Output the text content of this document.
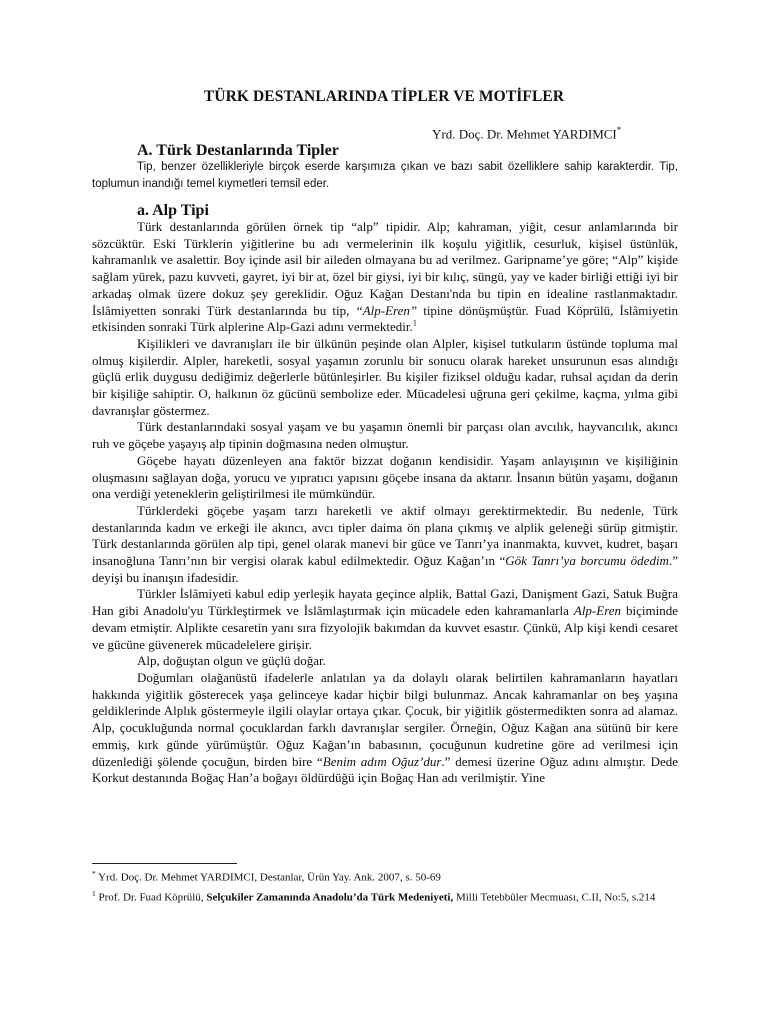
TÜRK DESTANLARINDA TİPLER VE MOTİFLER
Yrd. Doç. Dr. Mehmet YARDIMCI*
A. Türk Destanlarında Tipler

Tip, benzer özellikleriyle birçok eserde karşımıza çıkan ve bazı sabit özelliklere sahip karakterdir. Tip, toplumun inandığı temel kıymetleri temsil eder.

a. Alp Tipi

Türk destanlarında görülen örnek tip “alp” tipidir. Alp; kahraman, yiğit, cesur anlamlarında bir sözcüktür. Eski Türklerin yiğitlerine bu adı vermelerinin ilk koşulu yiğitlik, cesurluk, kişisel üstünlük, kahramanlık ve asalettir. Boy içinde asil bir aileden olmayana bu ad verilmez. Garipname’ye göre; “Alp” kişide sağlam yürek, pazu kuvveti, gayret, iyi bir at, özel bir giysi, iyi bir kılıç, süngü, yay ve kader birliği ettiği iyi bir arkadaş olmak üzere dokuz şey gereklidir. Oğuz Kağan Destanı'nda bu tipin en idealine rastlanmaktadır. İslâmiyetten sonraki Türk destanlarında bu tip, “Alp-Eren” tipine dönüşmüştür. Fuad Köprülü, İslâmiyetin etkisinden sonraki Türk alplerine Alp-Gazi adını vermektedir.$^1$

Kişilikleri ve davranışları ile bir ülkünün peşinde olan Alpler, kişisel tutkuların üstünde topluma mal olmuş kişilerdir. Alpler, hareketli, sosyal yaşamın zorunlu bir sonucu olarak hareket unsurunun esas alındığı güçlü erlik duygusu dediğimiz değerlerle bütünleşirler. Bu kişiler fiziksel olduğu kadar, ruhsal açıdan da derin bir kişiliğe sahiptir. O, halkının öz gücünü sembolize eder. Mücadelesi uğruna geri çekilme, kaçma, yılma gibi davranışlar göstermez.

Türk destanlarındaki sosyal yaşam ve bu yaşamın önemli bir parçası olan avcılık, hayvancılık, akıncı ruh ve göçebe yaşayış alp tipinin doğmasına neden olmuştur.

Göçebe hayatı düzenleyen ana faktör bizzat doğanın kendisidir. Yaşam anlayışının ve kişiliğinin oluşmasını sağlayan doğa, yorucu ve yıpratıcı yapısını göçebe insana da aktarır. İnsanın bütün yaşamı, doğanın ona verdiği yeteneklerin geliştirilmesi ile mümkündür.

Türklerdeki göçebe yaşam tarzı hareketli ve aktif olmayı gerektirmektedir. Bu nedenle, Türk destanlarında kadın ve erkeği ile akıncı, avcı tipler daima ön plana çıkmış ve alplik geleneği sürüp gitmiştir. Türk destanlarında görülen alp tipi, genel olarak manevi bir güce ve Tanrı’ya inanmakta, kuvvet, kudret, başarı insanoğluna Tanrı’nın bir vergisi olarak kabul edilmektedir. Oğuz Kağan’ın “Gök Tanrı’ya borcumu ödedim.” deyişi bu inanışın ifadesidir.

Türkler İslâmiyeti kabul edip yerleşik hayata geçince alplik, Battal Gazi, Danişment Gazi, Satuk Buğra Han gibi Anadolu'yu Türkleştirmek ve İslâmlaştırmak için mücadele eden kahramanlarla Alp-Eren biçiminde devam etmiştir. Alplikte cesaretin yanı sıra fizyolojik bakımdan da kuvvet esastır. Çünkü, Alp kişi kendi cesaret ve gücüne güvenerek mücadelelere girişir.

Alp, doğuştan olgun ve güçlü doğar.

Doğumları olağanüstü ifadelerle anlatılan ya da dolaylı olarak belirtilen kahramanların hayatları hakkında yiğitlik gösterecek yaşa gelinceye kadar hiçbir bilgi bulunmaz. Ancak kahramanlar on beş yaşına geldiklerinde Alplık göstermeyle ilgili olaylar ortaya çıkar. Çocuk, bir yiğitlik göstermedikten sonra ad alamaz. Alp, çocukluğunda normal çocuklardan farklı davranışlar sergiler. Örneğin, Oğuz Kağan ana sütünü bir kere emmiş, kırk günde yürümüştür. Oğuz Kağan’ın babasının, çocuğunun kudretine göre ad verilmesi için düzenlediği şölende çocuğun, birden bire “Benim adım Oğuz’dur.” demesi üzerine Oğuz adını almıştır. Dede Korkut destanında Boğaç Han’a boğayı öldürdüğü için Boğaç Han adı verilmiştir. Yine

* Yrd. Doç. Dr. Mehmet YARDIMCI, Destanlar, Ürün Yay. Ank. 2007, s. 50-69
$^1$ Prof. Dr. Fuad Köprülü, Selçukiler Zamanında Anadolu’da Türk Medeniyeti, Milli Tetebbûler Mecmuası, C.II, No:5, s.214
